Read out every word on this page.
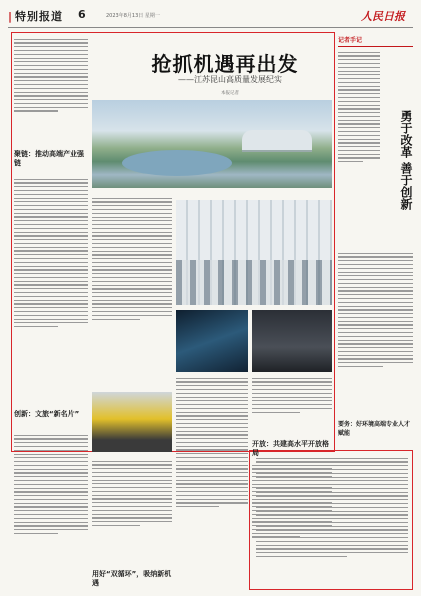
| 特别报道 6	2023年8月13日 星期一	人民日报
抢抓机遇再出发
——江苏昆山高质量发展纪实
本报记者
聚链：推动高端产业强链
创新：文旅“新名片”
用好“双循环”，吸纳新机遇
开放：共建高水平开放格局
记者手记
勇于改革 善于创新
要务：好环境高端专业人才赋能
